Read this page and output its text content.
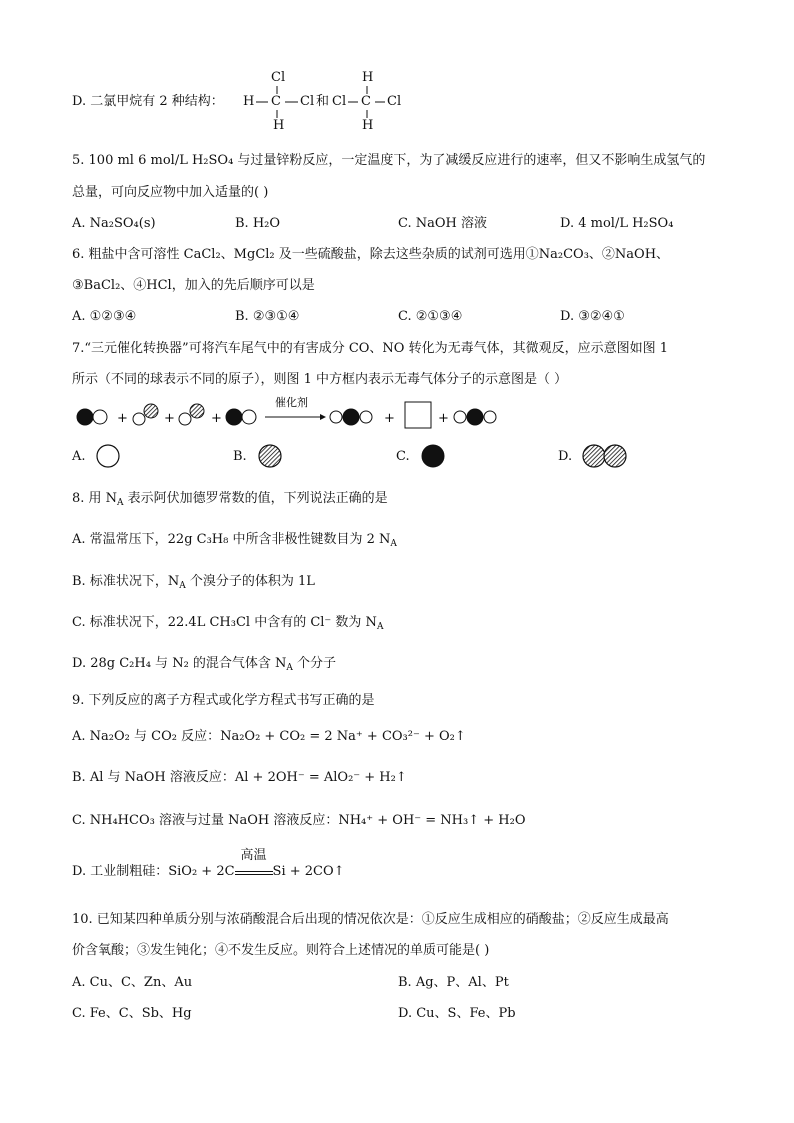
D. 二氯甲烷有 2 种结构：
Cl
H C Cl
H
和
H
Cl C Cl
H
5. 100 ml 6 mol/L H₂SO₄ 与过量锌粉反应，一定温度下，为了减缓反应进行的速率，但又不影响生成氢气的
总量，可向反应物中加入适量的( )
A. Na₂SO₄(s)	B. H₂O	C. NaOH 溶液	D. 4 mol/L H₂SO₄
6. 粗盐中含可溶性 CaCl₂、MgCl₂ 及一些硫酸盐，除去这些杂质的试剂可选用①Na₂CO₃、②NaOH、
③BaCl₂、④HCl，加入的先后顺序可以是
A. ①②③④	B. ②③①④	C. ②①③④	D. ③②④①
7.“三元催化转换器”可将汽车尾气中的有害成分 CO、NO 转化为无毒气体，其微观反，应示意图如图 1
所示（不同的球表示不同的原子），则图 1 中方框内表示无毒气体分子的示意图是（ ）
+	+	+
催化剂
+	+
A.	B.	C.	D.
8. 用 $N_A$ 表示阿伏加德罗常数的值，下列说法正确的是
A. 常温常压下，22g C₃H₈ 中所含非极性键数目为 2 $N_A$
B. 标准状况下，$N_A$ 个溴分子的体积为 1L
C. 标准状况下，22.4L CH₃Cl 中含有的 Cl⁻ 数为 $N_A$
D. 28g C₂H₄ 与 N₂ 的混合气体含 $N_A$ 个分子
9. 下列反应的离子方程式或化学方程式书写正确的是
A. Na₂O₂ 与 CO₂ 反应：Na₂O₂ + CO₂ = 2 Na⁺ + CO₃²⁻ + O₂↑
B. Al 与 NaOH 溶液反应：Al + 2OH⁻ = AlO₂⁻ + H₂↑
C. NH₄HCO₃ 溶液与过量 NaOH 溶液反应：NH₄⁺ + OH⁻ = NH₃↑ + H₂O
D. 工业制粗硅：SiO₂ + 2C
高温
Si + 2CO↑
10. 已知某四种单质分别与浓硝酸混合后出现的情况依次是：①反应生成相应的硝酸盐；②反应生成最高
价含氧酸；③发生钝化；④不发生反应。则符合上述情况的单质可能是( )
A. Cu、C、Zn、Au	B. Ag、P、Al、Pt
C. Fe、C、Sb、Hg	D. Cu、S、Fe、Pb
